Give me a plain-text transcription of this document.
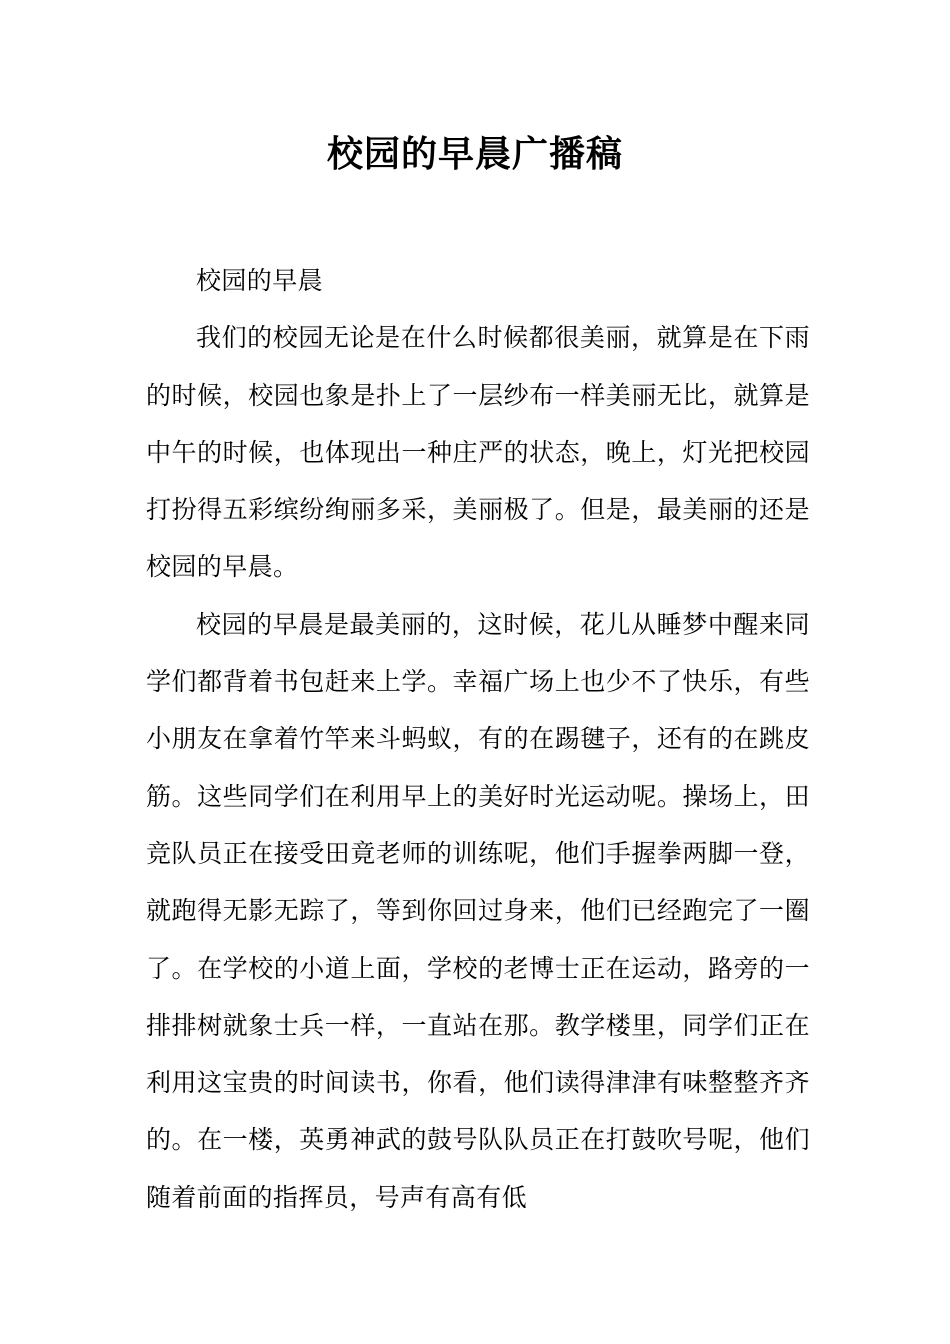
校园的早晨广播稿

校园的早晨

我们的校园无论是在什么时候都很美丽，就算是在下雨的时候，校园也象是扑上了一层纱布一样美丽无比，就算是中午的时候，也体现出一种庄严的状态，晚上，灯光把校园打扮得五彩缤纷绚丽多采，美丽极了。但是，最美丽的还是校园的早晨。

校园的早晨是最美丽的，这时候，花儿从睡梦中醒来同学们都背着书包赶来上学。幸福广场上也少不了快乐，有些小朋友在拿着竹竿来斗蚂蚁，有的在踢毽子，还有的在跳皮筋。这些同学们在利用早上的美好时光运动呢。操场上，田竞队员正在接受田竟老师的训练呢，他们手握拳两脚一登，就跑得无影无踪了，等到你回过身来，他们已经跑完了一圈了。在学校的小道上面，学校的老博士正在运动，路旁的一排排树就象士兵一样，一直站在那。教学楼里，同学们正在利用这宝贵的时间读书，你看，他们读得津津有味整整齐齐的。在一楼，英勇神武的鼓号队队员正在打鼓吹号呢，他们随着前面的指挥员，号声有高有低
